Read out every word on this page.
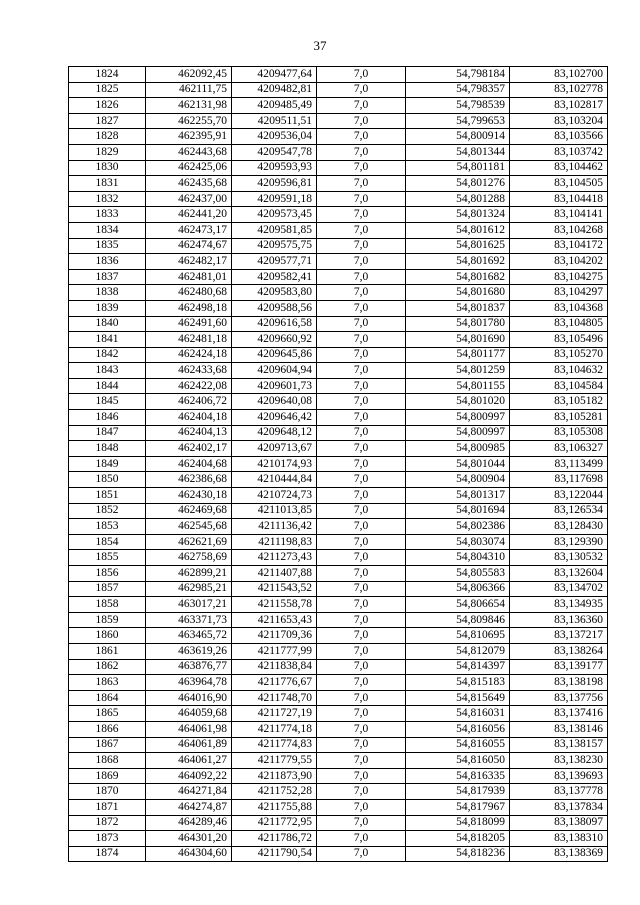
37
1824	462092,45	4209477,64	7,0	54,798184	83,102700
1825	462111,75	4209482,81	7,0	54,798357	83,102778
1826	462131,98	4209485,49	7,0	54,798539	83,102817
1827	462255,70	4209511,51	7,0	54,799653	83,103204
1828	462395,91	4209536,04	7,0	54,800914	83,103566
1829	462443,68	4209547,78	7,0	54,801344	83,103742
1830	462425,06	4209593,93	7,0	54,801181	83,104462
1831	462435,68	4209596,81	7,0	54,801276	83,104505
1832	462437,00	4209591,18	7,0	54,801288	83,104418
1833	462441,20	4209573,45	7,0	54,801324	83,104141
1834	462473,17	4209581,85	7,0	54,801612	83,104268
1835	462474,67	4209575,75	7,0	54,801625	83,104172
1836	462482,17	4209577,71	7,0	54,801692	83,104202
1837	462481,01	4209582,41	7,0	54,801682	83,104275
1838	462480,68	4209583,80	7,0	54,801680	83,104297
1839	462498,18	4209588,56	7,0	54,801837	83,104368
1840	462491,60	4209616,58	7,0	54,801780	83,104805
1841	462481,18	4209660,92	7,0	54,801690	83,105496
1842	462424,18	4209645,86	7,0	54,801177	83,105270
1843	462433,68	4209604,94	7,0	54,801259	83,104632
1844	462422,08	4209601,73	7,0	54,801155	83,104584
1845	462406,72	4209640,08	7,0	54,801020	83,105182
1846	462404,18	4209646,42	7,0	54,800997	83,105281
1847	462404,13	4209648,12	7,0	54,800997	83,105308
1848	462402,17	4209713,67	7,0	54,800985	83,106327
1849	462404,68	4210174,93	7,0	54,801044	83,113499
1850	462386,68	4210444,84	7,0	54,800904	83,117698
1851	462430,18	4210724,73	7,0	54,801317	83,122044
1852	462469,68	4211013,85	7,0	54,801694	83,126534
1853	462545,68	4211136,42	7,0	54,802386	83,128430
1854	462621,69	4211198,83	7,0	54,803074	83,129390
1855	462758,69	4211273,43	7,0	54,804310	83,130532
1856	462899,21	4211407,88	7,0	54,805583	83,132604
1857	462985,21	4211543,52	7,0	54,806366	83,134702
1858	463017,21	4211558,78	7,0	54,806654	83,134935
1859	463371,73	4211653,43	7,0	54,809846	83,136360
1860	463465,72	4211709,36	7,0	54,810695	83,137217
1861	463619,26	4211777,99	7,0	54,812079	83,138264
1862	463876,77	4211838,84	7,0	54,814397	83,139177
1863	463964,78	4211776,67	7,0	54,815183	83,138198
1864	464016,90	4211748,70	7,0	54,815649	83,137756
1865	464059,68	4211727,19	7,0	54,816031	83,137416
1866	464061,98	4211774,18	7,0	54,816056	83,138146
1867	464061,89	4211774,83	7,0	54,816055	83,138157
1868	464061,27	4211779,55	7,0	54,816050	83,138230
1869	464092,22	4211873,90	7,0	54,816335	83,139693
1870	464271,84	4211752,28	7,0	54,817939	83,137778
1871	464274,87	4211755,88	7,0	54,817967	83,137834
1872	464289,46	4211772,95	7,0	54,818099	83,138097
1873	464301,20	4211786,72	7,0	54,818205	83,138310
1874	464304,60	4211790,54	7,0	54,818236	83,138369
